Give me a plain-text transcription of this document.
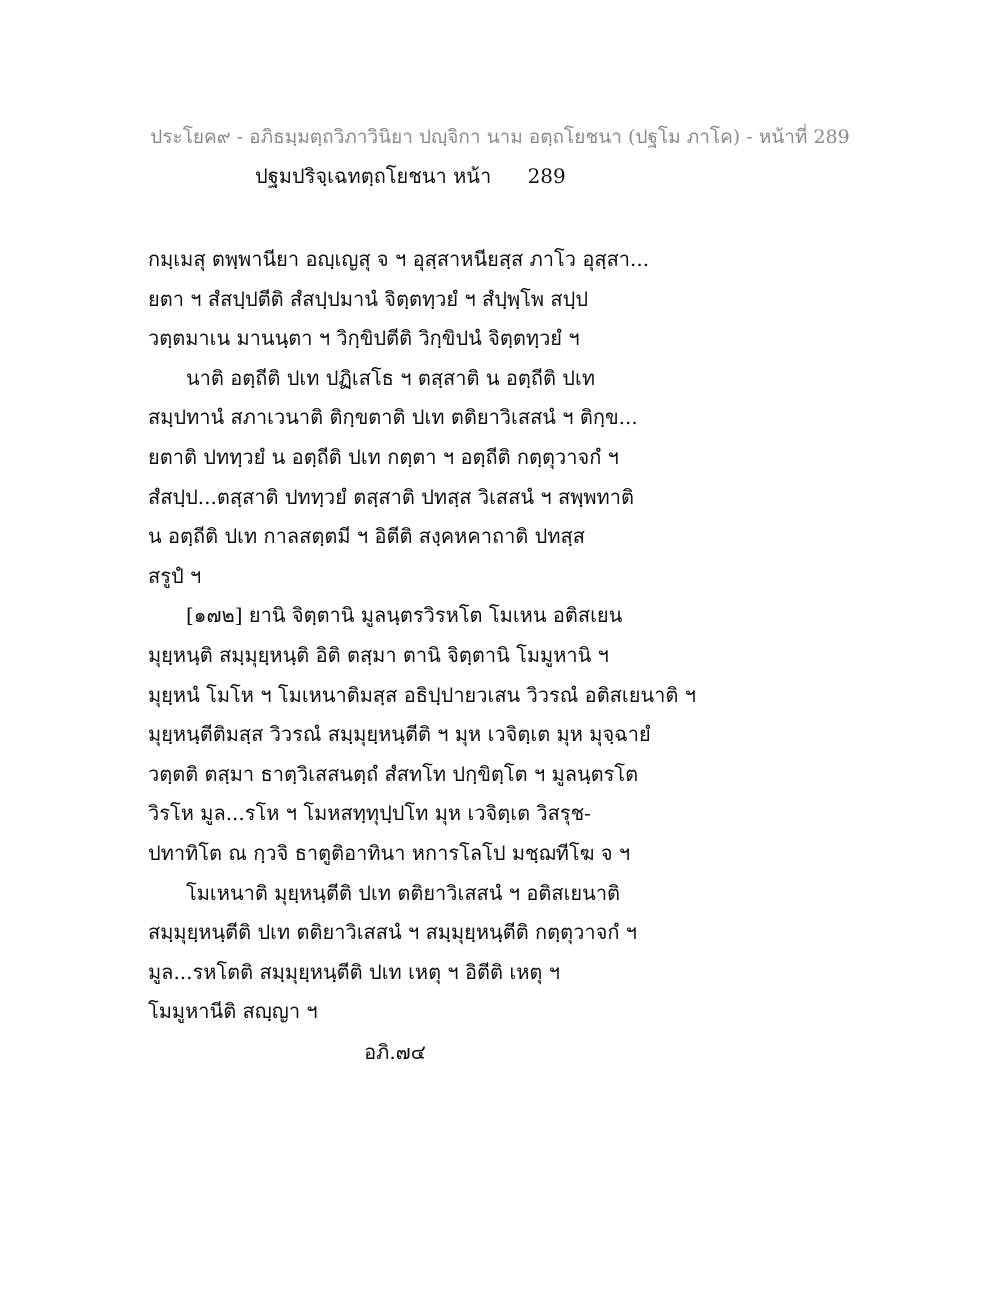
ประโยค๙ - อภิธมฺมตฺถวิภาวินิยา ปญฺจิกา นาม อตฺถโยชนา (ปฐโม ภาโค) - หน้าที่ 289
ปฐมปริจฺเฉทตฺถโยชนา หน้า 289
กมฺเมสุ ตพฺพานียา อญฺเญสุ จ ฯ อุสฺสาหนียสฺส ภาโว อุสฺสา...
ยตา ฯ สํสปฺปตีติ สํสปฺปมานํ จิตฺตทฺวยํ ฯ สํปฺพฺโพ สปฺป
วตฺตมาเน มานนฺตา ฯ วิกฺขิปตีติ วิกฺขิปนํ จิตฺตทฺวยํ ฯ
นาติ อตฺถีติ ปเท ปฏิเสโธ ฯ ตสฺสาติ น อตฺถีติ ปเท
สมฺปทานํ สภาเวนาติ ติกฺขตาติ ปเท ตติยาวิเสสนํ ฯ ติกฺข...
ยตาติ ปททฺวยํ น อตฺถีติ ปเท กตฺตา ฯ อตฺถีติ กตฺตุวาจกํ ฯ
สํสปฺป...ตสฺสาติ ปททฺวยํ ตสฺสาติ ปทสฺส วิเสสนํ ฯ สพฺพทาติ
น อตฺถีติ ปเท กาลสตฺตมี ฯ อิตีติ สงฺคหคาถาติ ปทสฺส
สรูปํ ฯ
[๑๗๒] ยานิ จิตฺตานิ มูลนฺตรวิรหโต โมเหน อติสเยน
มุยฺหนฺติ สมฺมุยฺหนฺติ อิติ ตสฺมา ตานิ จิตฺตานิ โมมูหานิ ฯ
มุยฺหนํ โมโห ฯ โมเหนาติมสฺส อธิปฺปายวเสน วิวรณํ อติสเยนาติ ฯ
มุยฺหนฺตีติมสฺส วิวรณํ สมฺมุยฺหนฺตีติ ฯ มุห เวจิตฺเต มุห มุจฺฉายํ
วตฺตติ ตสฺมา ธาตฺวิเสสนตฺถํ สํสทโท ปกฺขิตฺโต ฯ มูลนฺตรโต
วิรโห มูล...รโห ฯ โมหสทฺทุปฺปโท มุห เวจิตฺเต วิสรุช-
ปทาทิโต ณ กฺวจิ ธาตูติอาทินา หการโลโป มชฺฌทีโฆ จ ฯ
โมเหนาติ มุยฺหนฺตีติ ปเท ตติยาวิเสสนํ ฯ อติสเยนาติ
สมฺมุยฺหนฺตีติ ปเท ตติยาวิเสสนํ ฯ สมฺมุยฺหนฺตีติ กตฺตุวาจกํ ฯ
มูล...รหโตติ สมฺมุยฺหนฺตีติ ปเท เหตุ ฯ อิตีติ เหตุ ฯ
โมมูหานีติ สญฺญา ฯ
อภิ.๗๔
